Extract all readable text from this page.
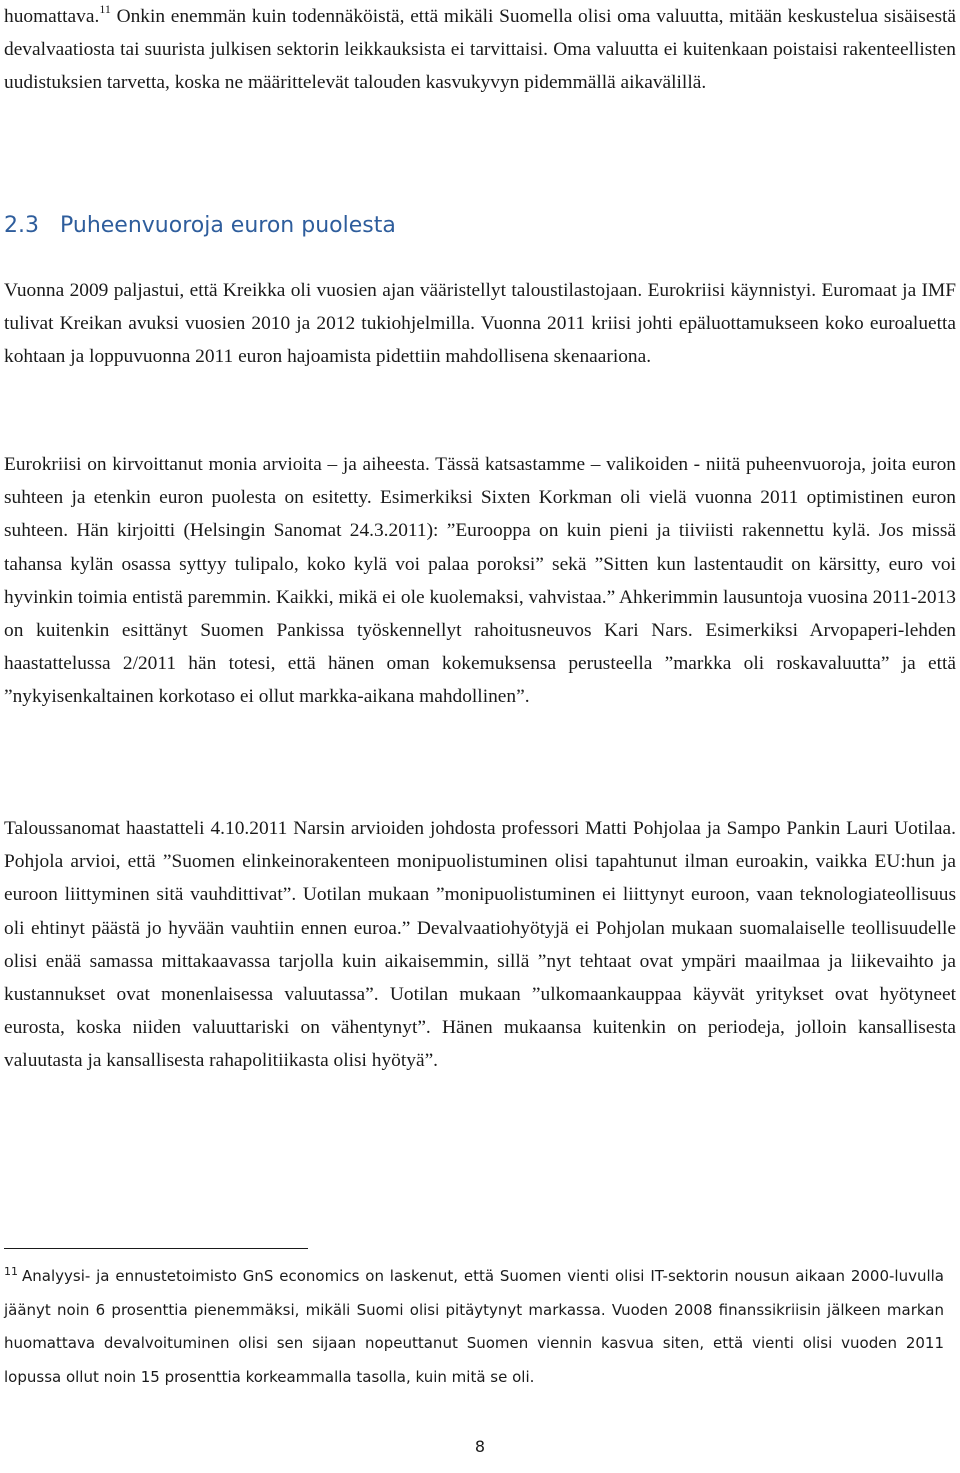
huomattava.$^{11}$ Onkin enemmän kuin todennäköistä, että mikäli Suomella olisi oma valuutta, mitään keskustelua sisäisestä devalvaatiosta tai suurista julkisen sektorin leikkauksista ei tarvittaisi. Oma valuutta ei kuitenkaan poistaisi rakenteellisten uudistuksien tarvetta, koska ne määrittelevät talouden kasvukyvyn pidemmällä aikavälillä.

2.3 Puheenvuoroja euron puolesta

Vuonna 2009 paljastui, että Kreikka oli vuosien ajan vääristellyt taloustilastojaan. Eurokriisi käynnistyi. Euromaat ja IMF tulivat Kreikan avuksi vuosien 2010 ja 2012 tukiohjelmilla. Vuonna 2011 kriisi johti epäluottamukseen koko euroaluetta kohtaan ja loppuvuonna 2011 euron hajoamista pidettiin mahdollisena skenaariona.

Eurokriisi on kirvoittanut monia arvioita – ja aiheesta. Tässä katsastamme – valikoiden - niitä puheenvuoroja, joita euron suhteen ja etenkin euron puolesta on esitetty. Esimerkiksi Sixten Korkman oli vielä vuonna 2011 optimistinen euron suhteen. Hän kirjoitti (Helsingin Sanomat 24.3.2011): ”Eurooppa on kuin pieni ja tiiviisti rakennettu kylä. Jos missä tahansa kylän osassa syttyy tulipalo, koko kylä voi palaa poroksi” sekä ”Sitten kun lastentaudit on kärsitty, euro voi hyvinkin toimia entistä paremmin. Kaikki, mikä ei ole kuolemaksi, vahvistaa.” Ahkerimmin lausuntoja vuosina 2011-2013 on kuitenkin esittänyt Suomen Pankissa työskennellyt rahoitusneuvos Kari Nars. Esimerkiksi Arvopaperi-lehden haastattelussa 2/2011 hän totesi, että hänen oman kokemuksensa perusteella ”markka oli roskavaluutta” ja että ”nykyisenkaltainen korkotaso ei ollut markka-aikana mahdollinen”.

Taloussanomat haastatteli 4.10.2011 Narsin arvioiden johdosta professori Matti Pohjolaa ja Sampo Pankin Lauri Uotilaa. Pohjola arvioi, että ”Suomen elinkeinorakenteen monipuolistuminen olisi tapahtunut ilman euroakin, vaikka EU:hun ja euroon liittyminen sitä vauhdittivat”. Uotilan mukaan ”monipuolistuminen ei liittynyt euroon, vaan teknologiateollisuus oli ehtinyt päästä jo hyvään vauhtiin ennen euroa.” Devalvaatiohyötyjä ei Pohjolan mukaan suomalaiselle teollisuudelle olisi enää samassa mittakaavassa tarjolla kuin aikaisemmin, sillä ”nyt tehtaat ovat ympäri maailmaa ja liikevaihto ja kustannukset ovat monenlaisessa valuutassa”. Uotilan mukaan ”ulkomaankauppaa käyvät yritykset ovat hyötyneet eurosta, koska niiden valuuttariski on vähentynyt”. Hänen mukaansa kuitenkin on periodeja, jolloin kansallisesta valuutasta ja kansallisesta rahapolitiikasta olisi hyötyä”.

$^{11}$ Analyysi- ja ennustetoimisto GnS economics on laskenut, että Suomen vienti olisi IT-sektorin nousun aikaan 2000-luvulla jäänyt noin 6 prosenttia pienemmäksi, mikäli Suomi olisi pitäytynyt markassa. Vuoden 2008 finanssikriisin jälkeen markan huomattava devalvoituminen olisi sen sijaan nopeuttanut Suomen viennin kasvua siten, että vienti olisi vuoden 2011 lopussa ollut noin 15 prosenttia korkeammalla tasolla, kuin mitä se oli.

8
